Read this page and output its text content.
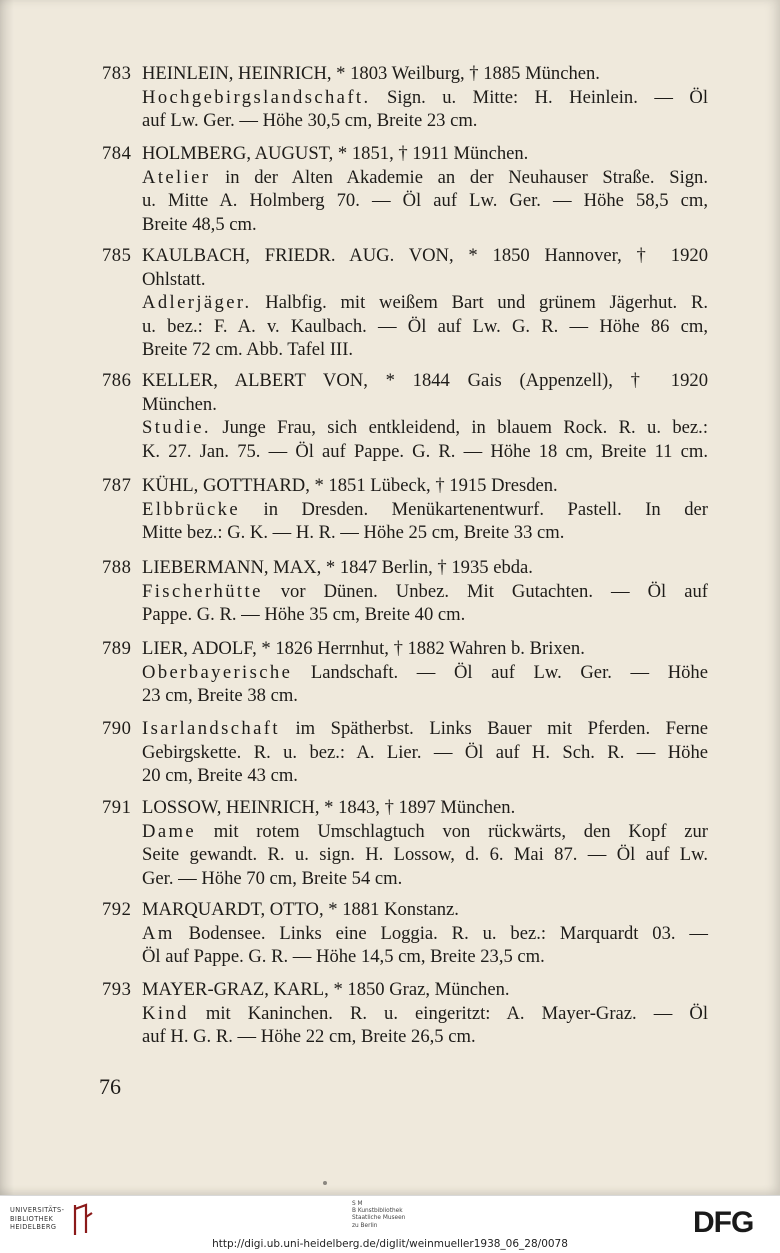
783 HEINLEIN, HEINRICH, * 1803 Weilburg, † 1885 München.
Hochgebirgslandschaft. Sign. u. Mitte: H. Heinlein. — Öl
auf Lw. Ger. — Höhe 30,5 cm, Breite 23 cm.
784 HOLMBERG, AUGUST, * 1851, † 1911 München.
Atelier in der Alten Akademie an der Neuhauser Straße. Sign.
u. Mitte A. Holmberg 70. — Öl auf Lw. Ger. — Höhe 58,5 cm,
Breite 48,5 cm.
785 KAULBACH, FRIEDR. AUG. VON, * 1850 Hannover, † 1920
Ohlstatt.
Adlerjäger. Halbfig. mit weißem Bart und grünem Jägerhut. R.
u. bez.: F. A. v. Kaulbach. — Öl auf Lw. G. R. — Höhe 86 cm,
Breite 72 cm. Abb. Tafel III.
786 KELLER, ALBERT VON, * 1844 Gais (Appenzell), † 1920
München.
Studie. Junge Frau, sich entkleidend, in blauem Rock. R. u. bez.:
K. 27. Jan. 75. — Öl auf Pappe. G. R. — Höhe 18 cm, Breite 11 cm.
787 KÜHL, GOTTHARD, * 1851 Lübeck, † 1915 Dresden.
Elbbrücke in Dresden. Menükartenentwurf. Pastell. In der
Mitte bez.: G. K. — H. R. — Höhe 25 cm, Breite 33 cm.
788 LIEBERMANN, MAX, * 1847 Berlin, † 1935 ebda.
Fischerhütte vor Dünen. Unbez. Mit Gutachten. — Öl auf
Pappe. G. R. — Höhe 35 cm, Breite 40 cm.
789 LIER, ADOLF, * 1826 Herrnhut, † 1882 Wahren b. Brixen.
Oberbayerische Landschaft. — Öl auf Lw. Ger. — Höhe
23 cm, Breite 38 cm.
790 Isarlandschaft im Spätherbst. Links Bauer mit Pferden. Ferne
Gebirgskette. R. u. bez.: A. Lier. — Öl auf H. Sch. R. — Höhe
20 cm, Breite 43 cm.
791 LOSSOW, HEINRICH, * 1843, † 1897 München.
Dame mit rotem Umschlagtuch von rückwärts, den Kopf zur
Seite gewandt. R. u. sign. H. Lossow, d. 6. Mai 87. — Öl auf Lw.
Ger. — Höhe 70 cm, Breite 54 cm.
792 MARQUARDT, OTTO, * 1881 Konstanz.
Am Bodensee. Links eine Loggia. R. u. bez.: Marquardt 03. —
Öl auf Pappe. G. R. — Höhe 14,5 cm, Breite 23,5 cm.
793 MAYER-GRAZ, KARL, * 1850 Graz, München.
Kind mit Kaninchen. R. u. eingeritzt: A. Mayer-Graz. — Öl
auf H. G. R. — Höhe 22 cm, Breite 26,5 cm.
76
UNIVERSITÄTS-
BIBLIOTHEK
HEIDELBERG
S M
B Kunstbibliothek
Staatliche Museen
zu Berlin	DFG
http://digi.ub.uni-heidelberg.de/diglit/weinmueller1938_06_28/0078
